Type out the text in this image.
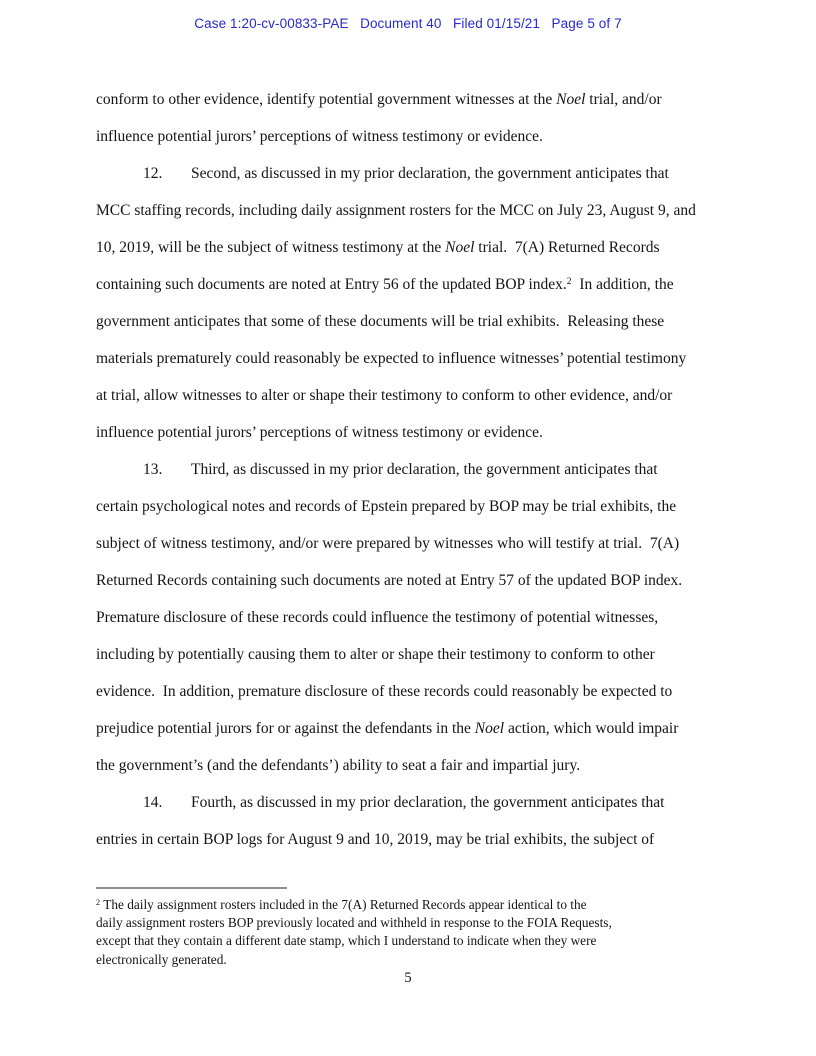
Case 1:20-cv-00833-PAE   Document 40   Filed 01/15/21   Page 5 of 7
conform to other evidence, identify potential government witnesses at the Noel trial, and/or
influence potential jurors’ perceptions of witness testimony or evidence.
12. Second, as discussed in my prior declaration, the government anticipates that
MCC staffing records, including daily assignment rosters for the MCC on July 23, August 9, and
10, 2019, will be the subject of witness testimony at the Noel trial.  7(A) Returned Records
containing such documents are noted at Entry 56 of the updated BOP index.$^2$  In addition, the
government anticipates that some of these documents will be trial exhibits.  Releasing these
materials prematurely could reasonably be expected to influence witnesses’ potential testimony
at trial, allow witnesses to alter or shape their testimony to conform to other evidence, and/or
influence potential jurors’ perceptions of witness testimony or evidence.
13. Third, as discussed in my prior declaration, the government anticipates that
certain psychological notes and records of Epstein prepared by BOP may be trial exhibits, the
subject of witness testimony, and/or were prepared by witnesses who will testify at trial.  7(A)
Returned Records containing such documents are noted at Entry 57 of the updated BOP index.
Premature disclosure of these records could influence the testimony of potential witnesses,
including by potentially causing them to alter or shape their testimony to conform to other
evidence.  In addition, premature disclosure of these records could reasonably be expected to
prejudice potential jurors for or against the defendants in the Noel action, which would impair
the government’s (and the defendants’) ability to seat a fair and impartial jury.
14. Fourth, as discussed in my prior declaration, the government anticipates that
entries in certain BOP logs for August 9 and 10, 2019, may be trial exhibits, the subject of
$^2$ The daily assignment rosters included in the 7(A) Returned Records appear identical to the
daily assignment rosters BOP previously located and withheld in response to the FOIA Requests,
except that they contain a different date stamp, which I understand to indicate when they were
electronically generated.
5
